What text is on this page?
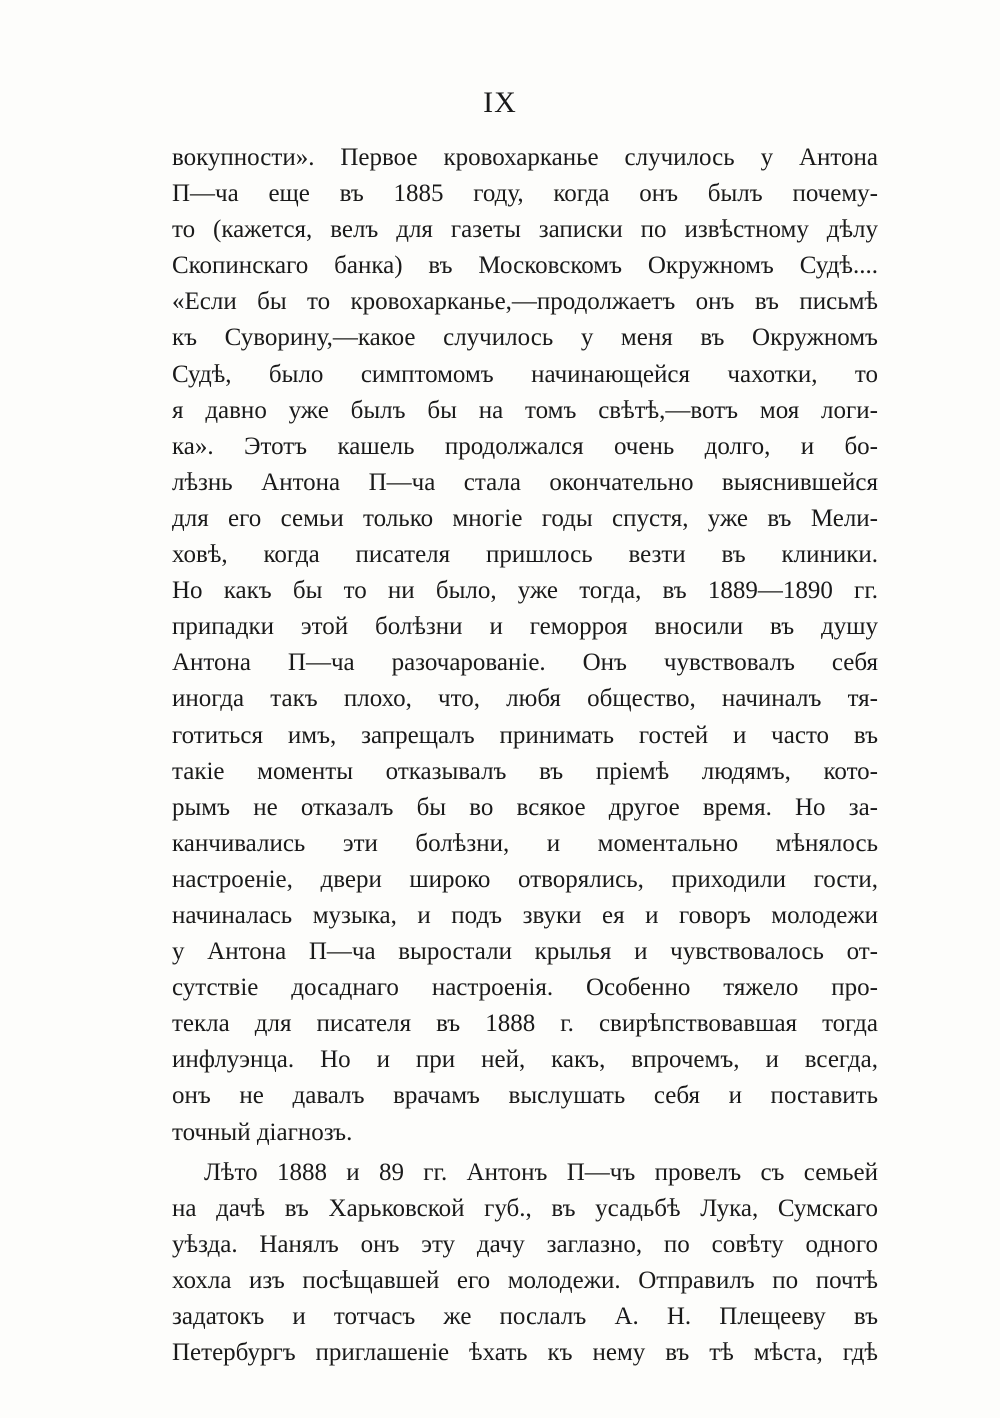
IX
вокупности». Первое кровохарканье случилось у Антона
П—ча еще въ 1885 году, когда онъ былъ почему-
то (кажется, велъ для газеты записки по извѣстному дѣлу
Скопинскаго банка) въ Московскомъ Окружномъ Судѣ....
«Если бы то кровохарканье,—продолжаетъ онъ въ письмѣ
къ Суворину,—какое случилось у меня въ Окружномъ
Судѣ, было симптомомъ начинающейся чахотки, то
я давно уже былъ бы на томъ свѣтѣ,—вотъ моя логи-
ка». Этотъ кашель продолжался очень долго, и бо-
лѣзнь Антона П—ча стала окончательно выяснившейся
для его семьи только многiе годы спустя, уже въ Мели-
ховѣ, когда писателя пришлось везти въ клиники.
Но какъ бы то ни было, уже тогда, въ 1889—1890 гг.
припадки этой болѣзни и геморроя вносили въ душу
Антона П—ча разочарованiе. Онъ чувствовалъ себя
иногда такъ плохо, что, любя общество, начиналъ тя-
готиться имъ, запрещалъ принимать гостей и часто въ
такiе моменты отказывалъ въ прiемѣ людямъ, кото-
рымъ не отказалъ бы во всякое другое время. Но за-
канчивались эти болѣзни, и моментально мѣнялось
настроенiе, двери широко отворялись, приходили гости,
начиналась музыка, и подъ звуки ея и говоръ молодежи
у Антона П—ча выростали крылья и чувствовалось от-
сутствiе досаднаго настроенiя. Особенно тяжело про-
текла для писателя въ 1888 г. свирѣпствовавшая тогда
инфлуэнца. Но и при ней, какъ, впрочемъ, и всегда,
онъ не давалъ врачамъ выслушать себя и поставить
точный дiагнозъ.
Лѣто 1888 и 89 гг. Антонъ П—чъ провелъ съ семьей
на дачѣ въ Харьковской губ., въ усадьбѣ Лука, Сумскаго
уѣзда. Нанялъ онъ эту дачу заглазно, по совѣту одного
хохла изъ посѣщавшей его молодежи. Отправилъ по почтѣ
задатокъ и тотчасъ же послалъ А. Н. Плещееву въ
Петербургъ приглашенiе ѣхать къ нему въ тѣ мѣста, гдѣ
